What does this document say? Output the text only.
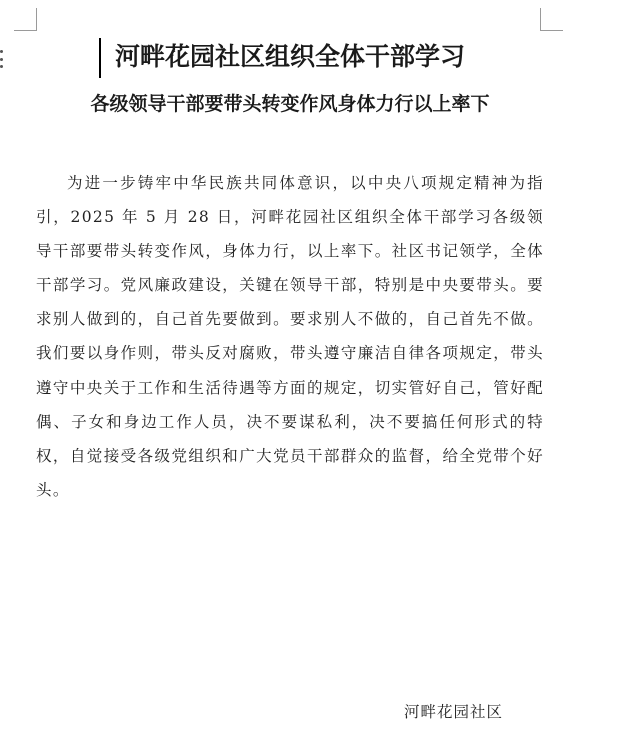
河畔花园社区组织全体干部学习
各级领导干部要带头转变作风身体力行以上率下

为进一步铸牢中华民族共同体意识，以中央八项规定精神为指引，2025 年 5 月 28 日，河畔花园社区组织全体干部学习各级领导干部要带头转变作风，身体力行，以上率下。社区书记领学，全体干部学习。党风廉政建设，关键在领导干部，特别是中央要带头。要求别人做到的，自己首先要做到。要求别人不做的，自己首先不做。我们要以身作则，带头反对腐败，带头遵守廉洁自律各项规定，带头遵守中央关于工作和生活待遇等方面的规定，切实管好自己，管好配偶、子女和身边工作人员，决不要谋私利，决不要搞任何形式的特权，自觉接受各级党组织和广大党员干部群众的监督，给全党带个好头。

河畔花园社区
